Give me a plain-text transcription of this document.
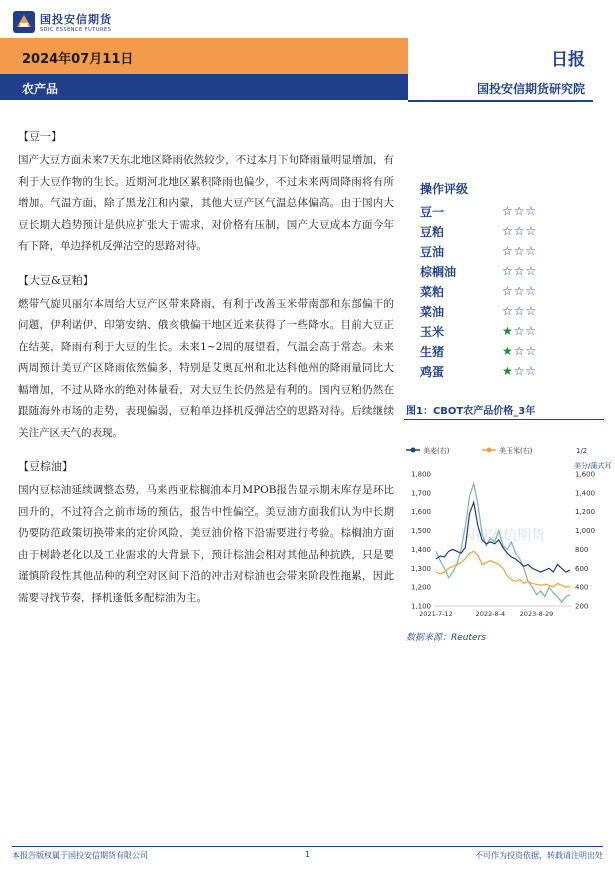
国投安信期货
SDIC ESSENCE FUTURES
2024年07月11日	日报
农产品	国投安信期货研究院
【豆一】

国产大豆方面未来7天东北地区降雨依然较少，不过本月下旬降雨量明显增加，有利于大豆作物的生长。近期河北地区累积降雨也偏少，不过未来两周降雨将有所增加。气温方面，除了黑龙江和内蒙，其他大豆产区气温总体偏高。由于国内大豆长期大趋势预计是供应扩张大于需求，对价格有压制，国产大豆成本方面今年有下降，单边择机反弹沽空的思路对待。

【大豆&豆粕】

燃带气旋贝丽尔本周给大豆产区带来降雨，有利于改善玉米带南部和东部偏干的问题，伊利诺伊、印第安纳、俄亥俄偏干地区近来获得了一些降水。目前大豆正在结荚，降雨有利于大豆的生长。未来1~2周的展望看，气温会高于常态。未来两周预计美豆产区降雨依然偏多，特别是艾奥瓦州和北达科他州的降雨量同比大幅增加，不过从降水的绝对体量看，对大豆生长仍然是有利的。国内豆粕仍然在跟随海外市场的走势，表现偏弱，豆粕单边择机反弹沽空的思路对待。后续继续关注产区天气的表现。

【豆棕油】

国内豆棕油延续调整态势，马来西亚棕榈油本月MPOB报告显示期末库存是环比回升的，不过符合之前市场的预估，报告中性偏空。美豆油方面我们认为中长期仍要防范政策切换带来的定价风险，美豆油价格下沿需要进行考验。棕榈油方面由于树龄老化以及工业需求的大背景下，预计棕油会相对其他品种抗跌，只是要谨慎阶段性其他品种的利空对区间下沿的冲击对棕油也会带来阶段性拖累，因此需要寻找节奏，择机逢低多配棕油为主。

操作评级
豆一	☆☆☆
豆粕	☆☆☆
豆油	☆☆☆
棕榈油	☆☆☆
菜粕	☆☆☆
菜油	☆☆☆
玉米	★☆☆
生猪	★☆☆
鸡蛋	★☆☆
图1：CBOT农产品价格_3年
美麦(右)	美玉米(右)	1/2
美分/蒲式耳
国投安信期货
1,100
1,200
1,300
1,400
1,500
1,600
1,700
1,800
200
400
600
800
1,000
1,200
1,400
1,600
2021-7-12	2022-8-4 2023-8-29
数据来源：Reuters
本报告版权属于国投安信期货有限公司	1	不可作为投资依据，转载请注明出处
